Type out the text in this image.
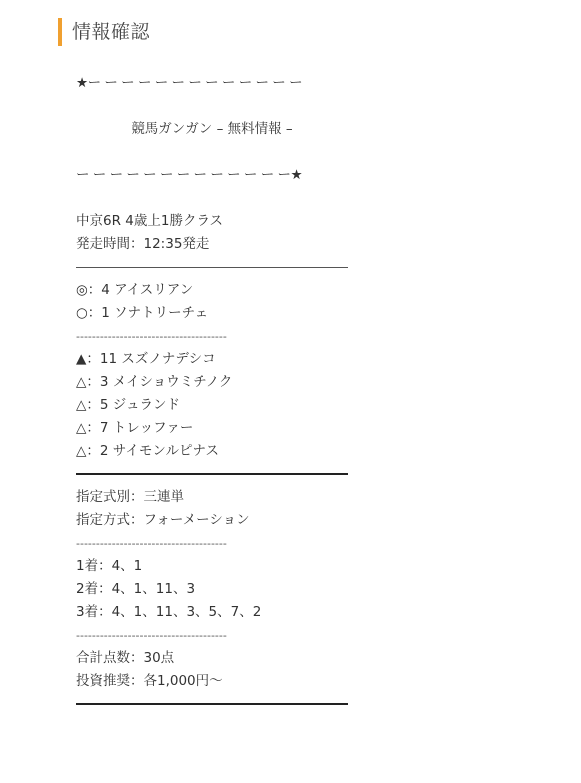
情報確認
★ー ー ー ー ー ー ー ー ー ー ー ー ー
競馬ガンガン – 無料情報 –
ー ー ー ー ー ー ー ー ー ー ー ー ー★
中京6R 4歳上1勝クラス
発走時間：12:35発走
◎：4 アイスリアン
○：1 ソナトリーチェ
--------------------------------------
▲：11 スズノナデシコ
△：3 メイショウミチノク
△：5 ジュランド
△：7 トレッファー
△：2 サイモンルピナス
指定式別：三連単
指定方式：フォーメーション
--------------------------------------
1着：4、1
2着：4、1、11、3
3着：4、1、11、3、5、7、2
--------------------------------------
合計点数：30点
投資推奨：各1,000円〜
